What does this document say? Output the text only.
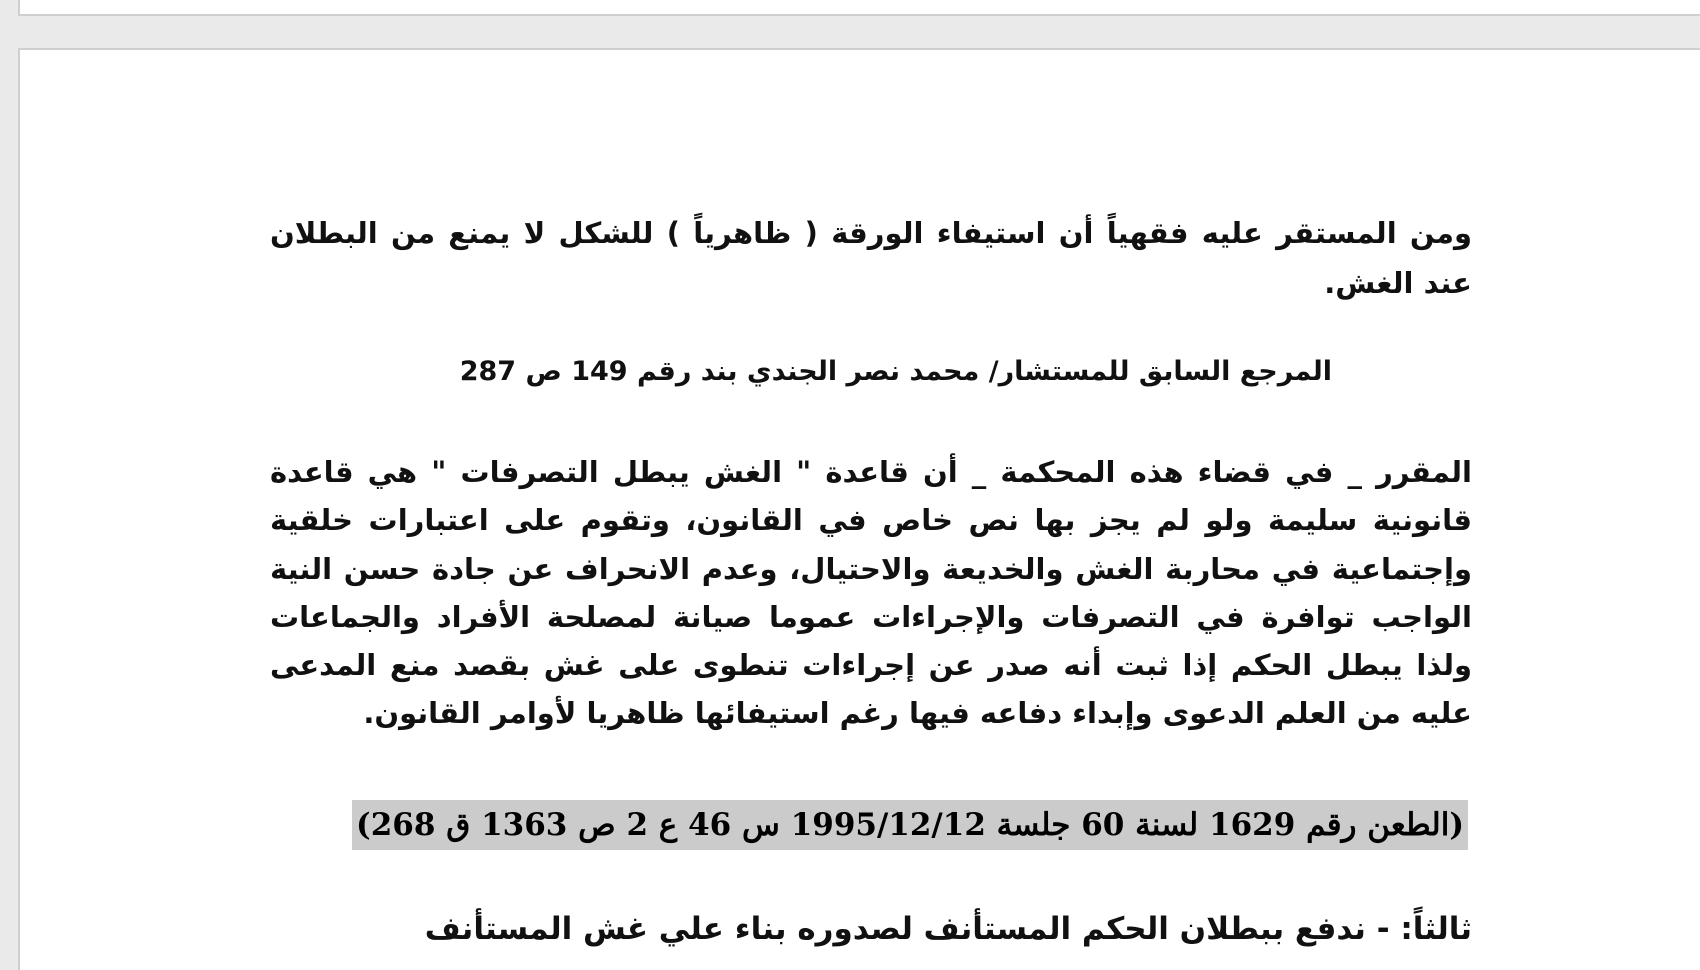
ومن المستقر عليه فقهياً أن استيفاء الورقة ( ظاهرياً ) للشكل لا يمنع من البطلان عند الغش.
المرجع السابق للمستشار/ محمد نصر الجندي بند رقم 149 ص 287
المقرر _ في قضاء هذه المحكمة _ أن قاعدة " الغش يبطل التصرفات " هي قاعدة قانونية سليمة ولو لم يجز بها نص خاص في القانون، وتقوم على اعتبارات خلقية وإجتماعية في محاربة الغش والخديعة والاحتيال، وعدم الانحراف عن جادة حسن النية الواجب توافرة في التصرفات والإجراءات عموما صيانة لمصلحة الأفراد والجماعات ولذا يبطل الحكم إذا ثبت أنه صدر عن إجراءات تنطوى على غش بقصد منع المدعى عليه من العلم الدعوى وإبداء دفاعه فيها رغم استيفائها ظاهريا لأوامر القانون.
(الطعن رقم 1629 لسنة 60 جلسة 1995/12/12 س 46 ع 2 ص 1363 ق 268)
ثالثاً: - ندفع ببطلان الحكم المستأنف لصدوره بناء علي غش المستأنف
